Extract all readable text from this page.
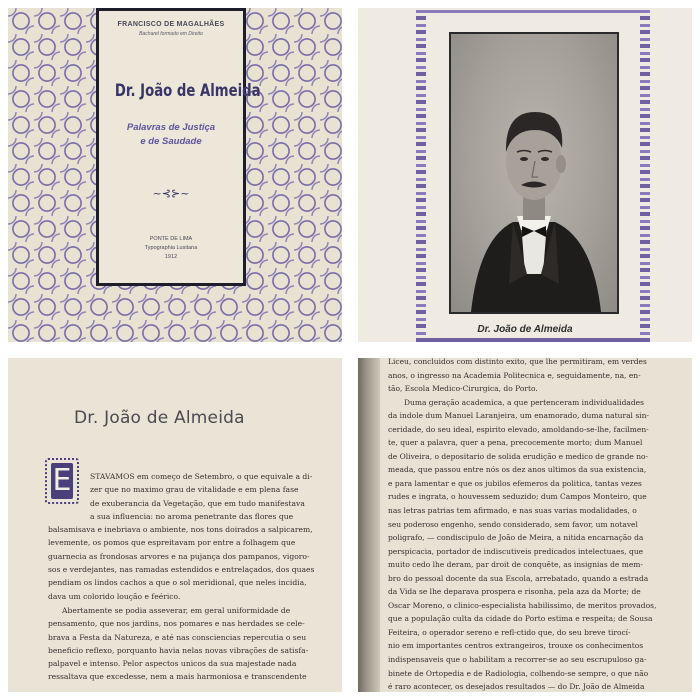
FRANCISCO DE MAGALHÃES
Bacharel formado em Direito
Dr. João de Almeida
Palavras de Justiça
e de Saudade
~⊰⊱~
PONTE DE LIMA
Typographia Lusitana
1912
Dr. João de Almeida
Dr. João de Almeida
E	STAVAMOS em começo de Setembro, o que equivale a di-

zer que no maximo grau de vitalidade e em plena fase

de exuberancia da Vegetação, que em tudo manifestava

a sua influencia: no aroma penetrante das flores que

balsamisava e inebriava o ambiente, nos tons doirados a salpicarem,

levemente, os pomos que espreitavam por entre a folhagem que

guarnecia as frondosas arvores e na pujança dos pampanos, vigoro-

sos e verdejantes, nas ramadas estendidos e entrelaçados, dos quaes

pendiam os lindos cachos a que o sol meridional, que neles incidia,

dava um colorido loução e feérico.

Abertamente se podia asseverar, em geral uniformidade de

pensamento, que nos jardins, nos pomares e nas herdades se cele-

brava a Festa da Natureza, e até nas consciencias repercutia o seu

beneficio reflexo, porquanto havia nelas novas vibrações de satisfa-

palpavel e intenso. Pelor aspectos unicos da sua majestade nada

ressaltava que excedesse, nem a mais harmoniosa e transcendente

Liceu, concluidos com distinto exito, que lhe permitiram, em verdes

anos, o ingresso na Academia Politecnica e, seguidamente, na, en-

tão, Escola Medico-Cirurgica, do Porto.

Duma geração academica, a que pertenceram individualidades

da indole dum Manuel Laranjeira, um enamorado, duma natural sin-

ceridade, do seu ideal, espirito elevado, amoldando-se-lhe, facilmen-

te, quer a palavra, quer a pena, precocemente morto; dum Manuel

de Oliveira, o depositario de solida erudição e medico de grande no-

meada, que passou entre nós os dez anos ultimos da sua existencia,

e para lamentar e que os jubilos efemeros da politica, tantas vezes

rudes e ingrata, o houvessem seduzido; dum Campos Monteiro, que

nas letras patrias tem afirmado, e nas suas varias modalidades, o

seu poderoso engenho, sendo considerado, sem favor, um notavel

poligrafo, — condiscipulo de João de Meira, a nitida encarnação da

perspicacia, portador de indiscutiveis predicados intelectuaes, que

muito cedo lhe deram, par droit de conquête, as insignias de mem-

bro do pessoal docente da sua Escola, arrebatado, quando a estrada

da Vida se lhe deparava prospera e risonha, pela aza da Morte; de

Oscar Moreno, o clinico-especialista habilissimo, de meritos provados,

que a população culta da cidade do Porto estima e respeita; de Sousa

Feiteira, o operador sereno e refl-ctido que, do seu breve tirocí-

nio em importantes centros extrangeiros, trouxe os conhecimentos

indispensaveis que o habilitam a recorrer-se ao seu escrupuloso ga-

binete de Ortopedia e de Radiologia, colhendo-se sempre, o que não

é raro acontecer, os desejados resultados — do Dr. João de Almeida
